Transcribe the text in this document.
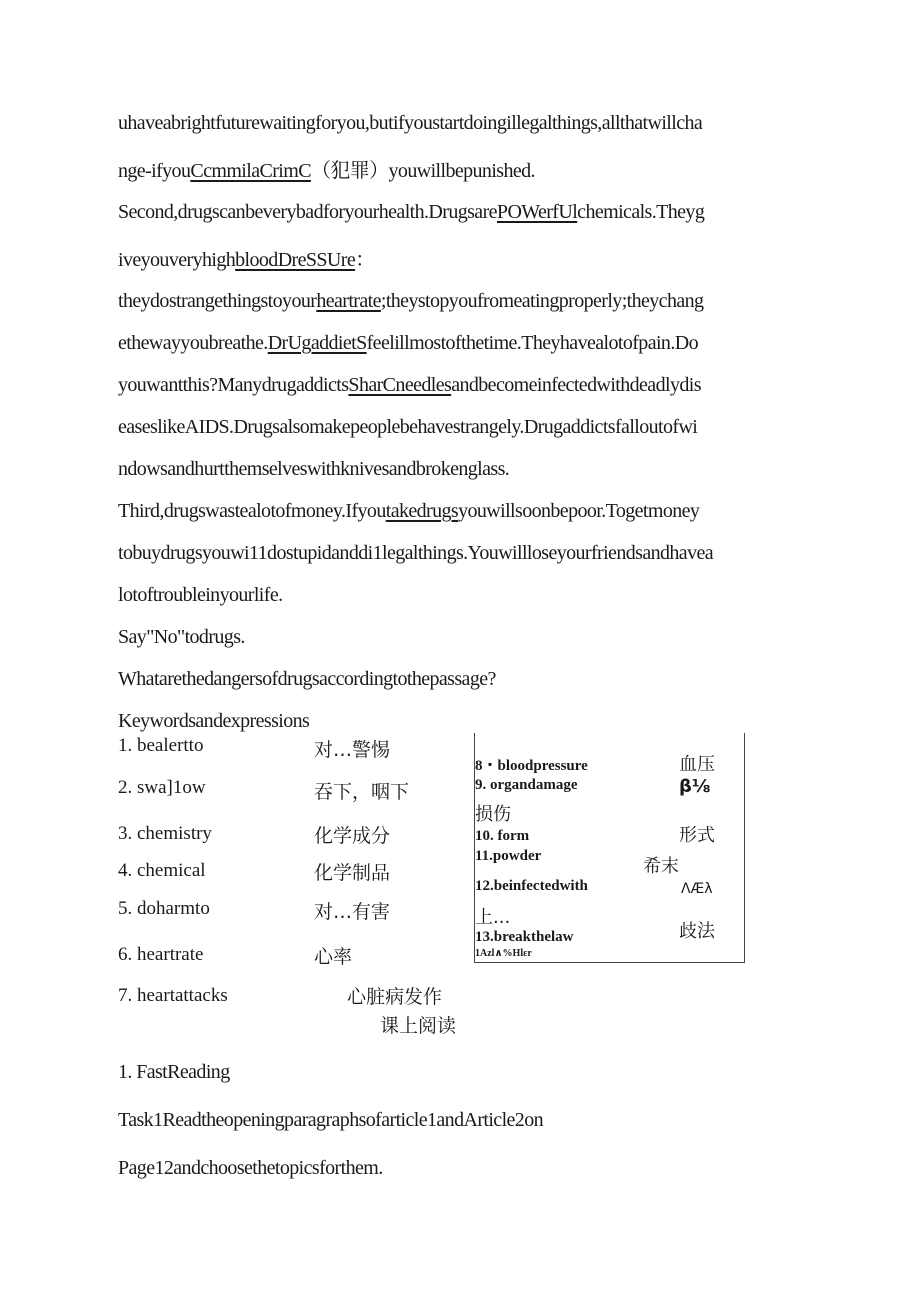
uhaveabrightfuturewaitingforyou,butifyoustartdoingillegalthings,allthatwillcha
nge-ifyouCcmmilaCrimC（犯罪）youwillbepunished.
Second,drugscanbeverybadforyourhealth.DrugsarePOWerfUlchemicals.Theyg
iveyouveryhighbloodDreSSUre：
theydostrangethingstoyourheartrate;theystopyoufromeatingproperly;theychang
ethewayyoubreathe.DrUgaddietSfeelillmostofthetime.Theyhavealotofpain.Do
youwantthis?ManydrugaddictsSharCneedlesandbecomeinfectedwithdeadlydis
easeslikeAIDS.Drugsalsomakepeoplebehavestrangely.Drugaddictsfalloutofwi
ndowsandhurtthemselveswithknivesandbrokenglass.
Third,drugswastealotofmoney.Ifyoutakedrugsyouwillsoonbepoor.Togetmoney
tobuydrugsyouwi11dostupidanddi1legalthings.Youwillloseyourfriendsandhavea
lotoftroubleinyourlife.
Say"No"todrugs.
Whatarethedangersofdrugsaccordingtothepassage?
Keywordsandexpressions
1. bealertto	对…警惕
2. swa]1ow	吞下，咽下
3. chemistry	化学成分
4. chemical	化学制品
5. doharmto	对…有害
6. heartrate	心率
7. heartattacks	心脏病发作
8・bloodpressure	血压
9. organdamage	β⅛
损伤
10. form	形式
11.powder	希末
12.beinfectedwith	ΛÆλ
上...
13.breakthelaw	歧法
1Azl∧%Hlεr
课上阅读
1. FastReading
Task1Readtheopeningparagraphsofarticle1andArticle2on
Page12andchoosethetopicsforthem.
